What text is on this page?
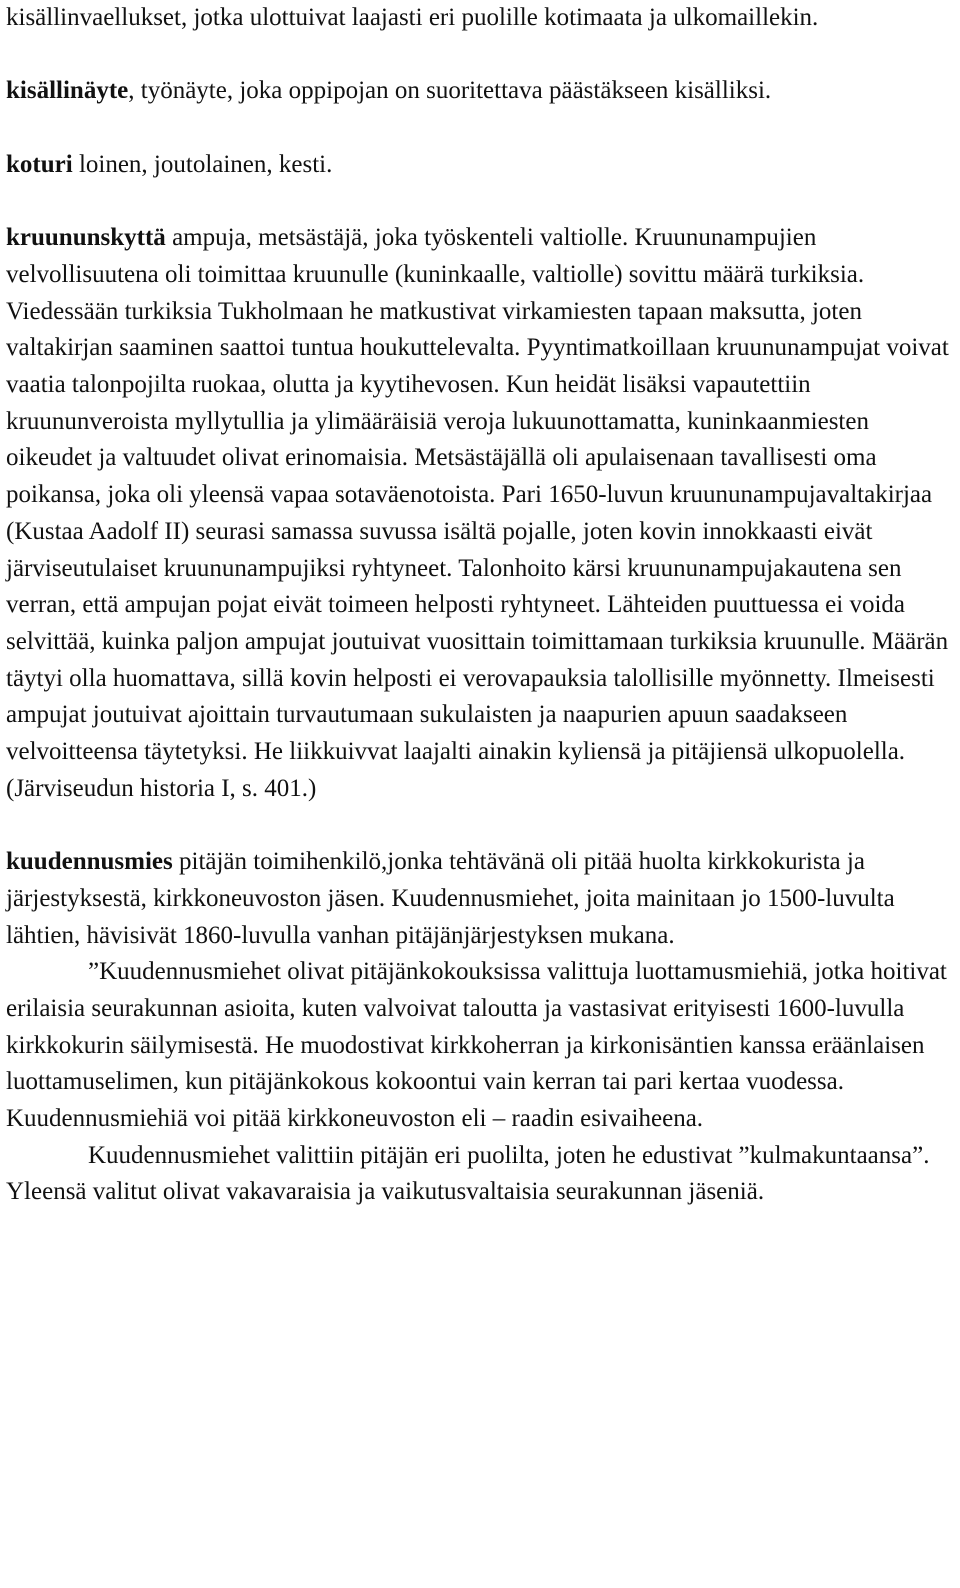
kisällinvaellukset, jotka ulottuivat laajasti eri puolille kotimaata ja ulkomaillekin.

kisällinäyte, työnäyte, joka oppipojan on suoritettava päästäkseen kisälliksi.

koturi loinen, joutolainen, kesti.

kruununskyttä ampuja, metsästäjä, joka työskenteli valtiolle. Kruununampujien velvollisuutena oli toimittaa kruunulle (kuninkaalle, valtiolle) sovittu määrä turkiksia. Viedessään turkiksia Tukholmaan he matkustivat virkamiesten tapaan maksutta, joten valtakirjan saaminen saattoi tuntua houkuttelevalta. Pyyntimatkoillaan kruununampujat voivat vaatia talonpojilta ruokaa, olutta ja kyytihevosen. Kun heidät lisäksi vapautettiin kruununveroista myllytullia ja ylimääräisiä veroja lukuunottamatta, kuninkaanmiesten oikeudet ja valtuudet olivat erinomaisia. Metsästäjällä oli apulaisenaan tavallisesti oma poikansa, joka oli yleensä vapaa sotaväenotoista. Pari 1650-luvun kruununampujavaltakirjaa (Kustaa Aadolf II) seurasi samassa suvussa isältä pojalle, joten kovin innokkaasti eivät järviseutulaiset kruununampujiksi ryhtyneet. Talonhoito kärsi kruununampujakautena sen verran, että ampujan pojat eivät toimeen helposti ryhtyneet. Lähteiden puuttuessa ei voida selvittää, kuinka paljon ampujat joutuivat vuosittain toimittamaan turkiksia kruunulle. Määrän täytyi olla huomattava, sillä kovin helposti ei verovapauksia talollisille myönnetty. Ilmeisesti ampujat joutuivat ajoittain turvautumaan sukulaisten ja naapurien apuun saadakseen velvoitteensa täytetyksi. He liikkuivvat laajalti ainakin kyliensä ja pitäjiensä ulkopuolella. (Järviseudun historia I, s. 401.)

kuudennusmies pitäjän toimihenkilö,jonka tehtävänä oli pitää huolta kirkkokurista ja järjestyksestä, kirkkoneuvoston jäsen. Kuudennusmiehet, joita mainitaan jo 1500-luvulta lähtien, hävisivät 1860-luvulla vanhan pitäjänjärjestyksen mukana.

”Kuudennusmiehet olivat pitäjänkokouksissa valittuja luottamusmiehiä, jotka hoitivat erilaisia seurakunnan asioita, kuten valvoivat taloutta ja vastasivat erityisesti 1600-luvulla kirkkokurin säilymisestä. He muodostivat kirkkoherran ja kirkonisäntien kanssa eräänlaisen luottamuselimen, kun pitäjänkokous kokoontui vain kerran tai pari kertaa vuodessa. Kuudennusmiehiä voi pitää kirkkoneuvoston eli – raadin esivaiheena.

Kuudennusmiehet valittiin pitäjän eri puolilta, joten he edustivat ”kulmakuntaansa”. Yleensä valitut olivat vakavaraisia ja vaikutusvaltaisia seurakunnan jäseniä.
